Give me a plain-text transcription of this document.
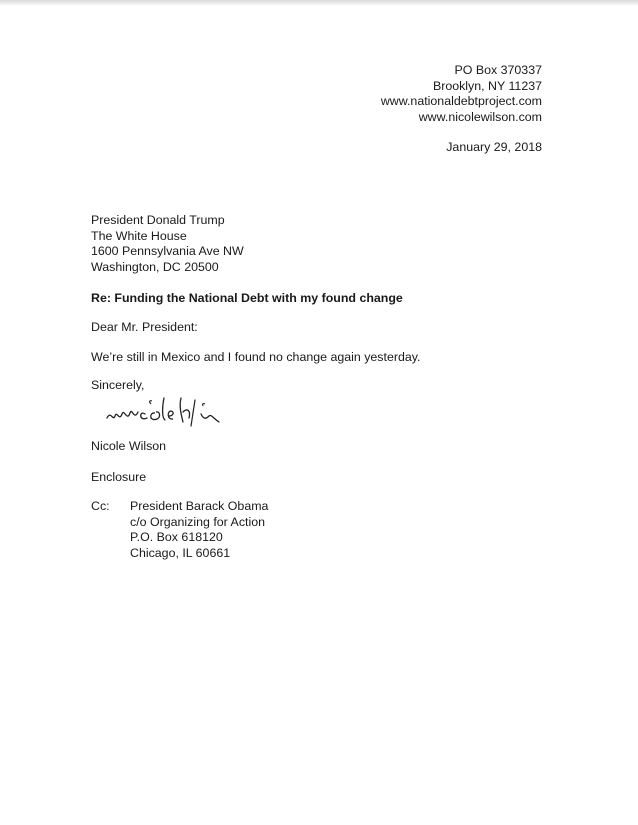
PO Box 370337
Brooklyn, NY 11237
www.nationaldebtproject.com
www.nicolewilson.com
January 29, 2018
President Donald Trump
The White House
1600 Pennsylvania Ave NW
Washington, DC 20500
Re: Funding the National Debt with my found change
Dear Mr. President:
We’re still in Mexico and I found no change again yesterday.
Sincerely,
Nicole Wilson
Enclosure
Cc: President Barack Obama
c/o Organizing for Action
P.O. Box 618120
Chicago, IL 60661
